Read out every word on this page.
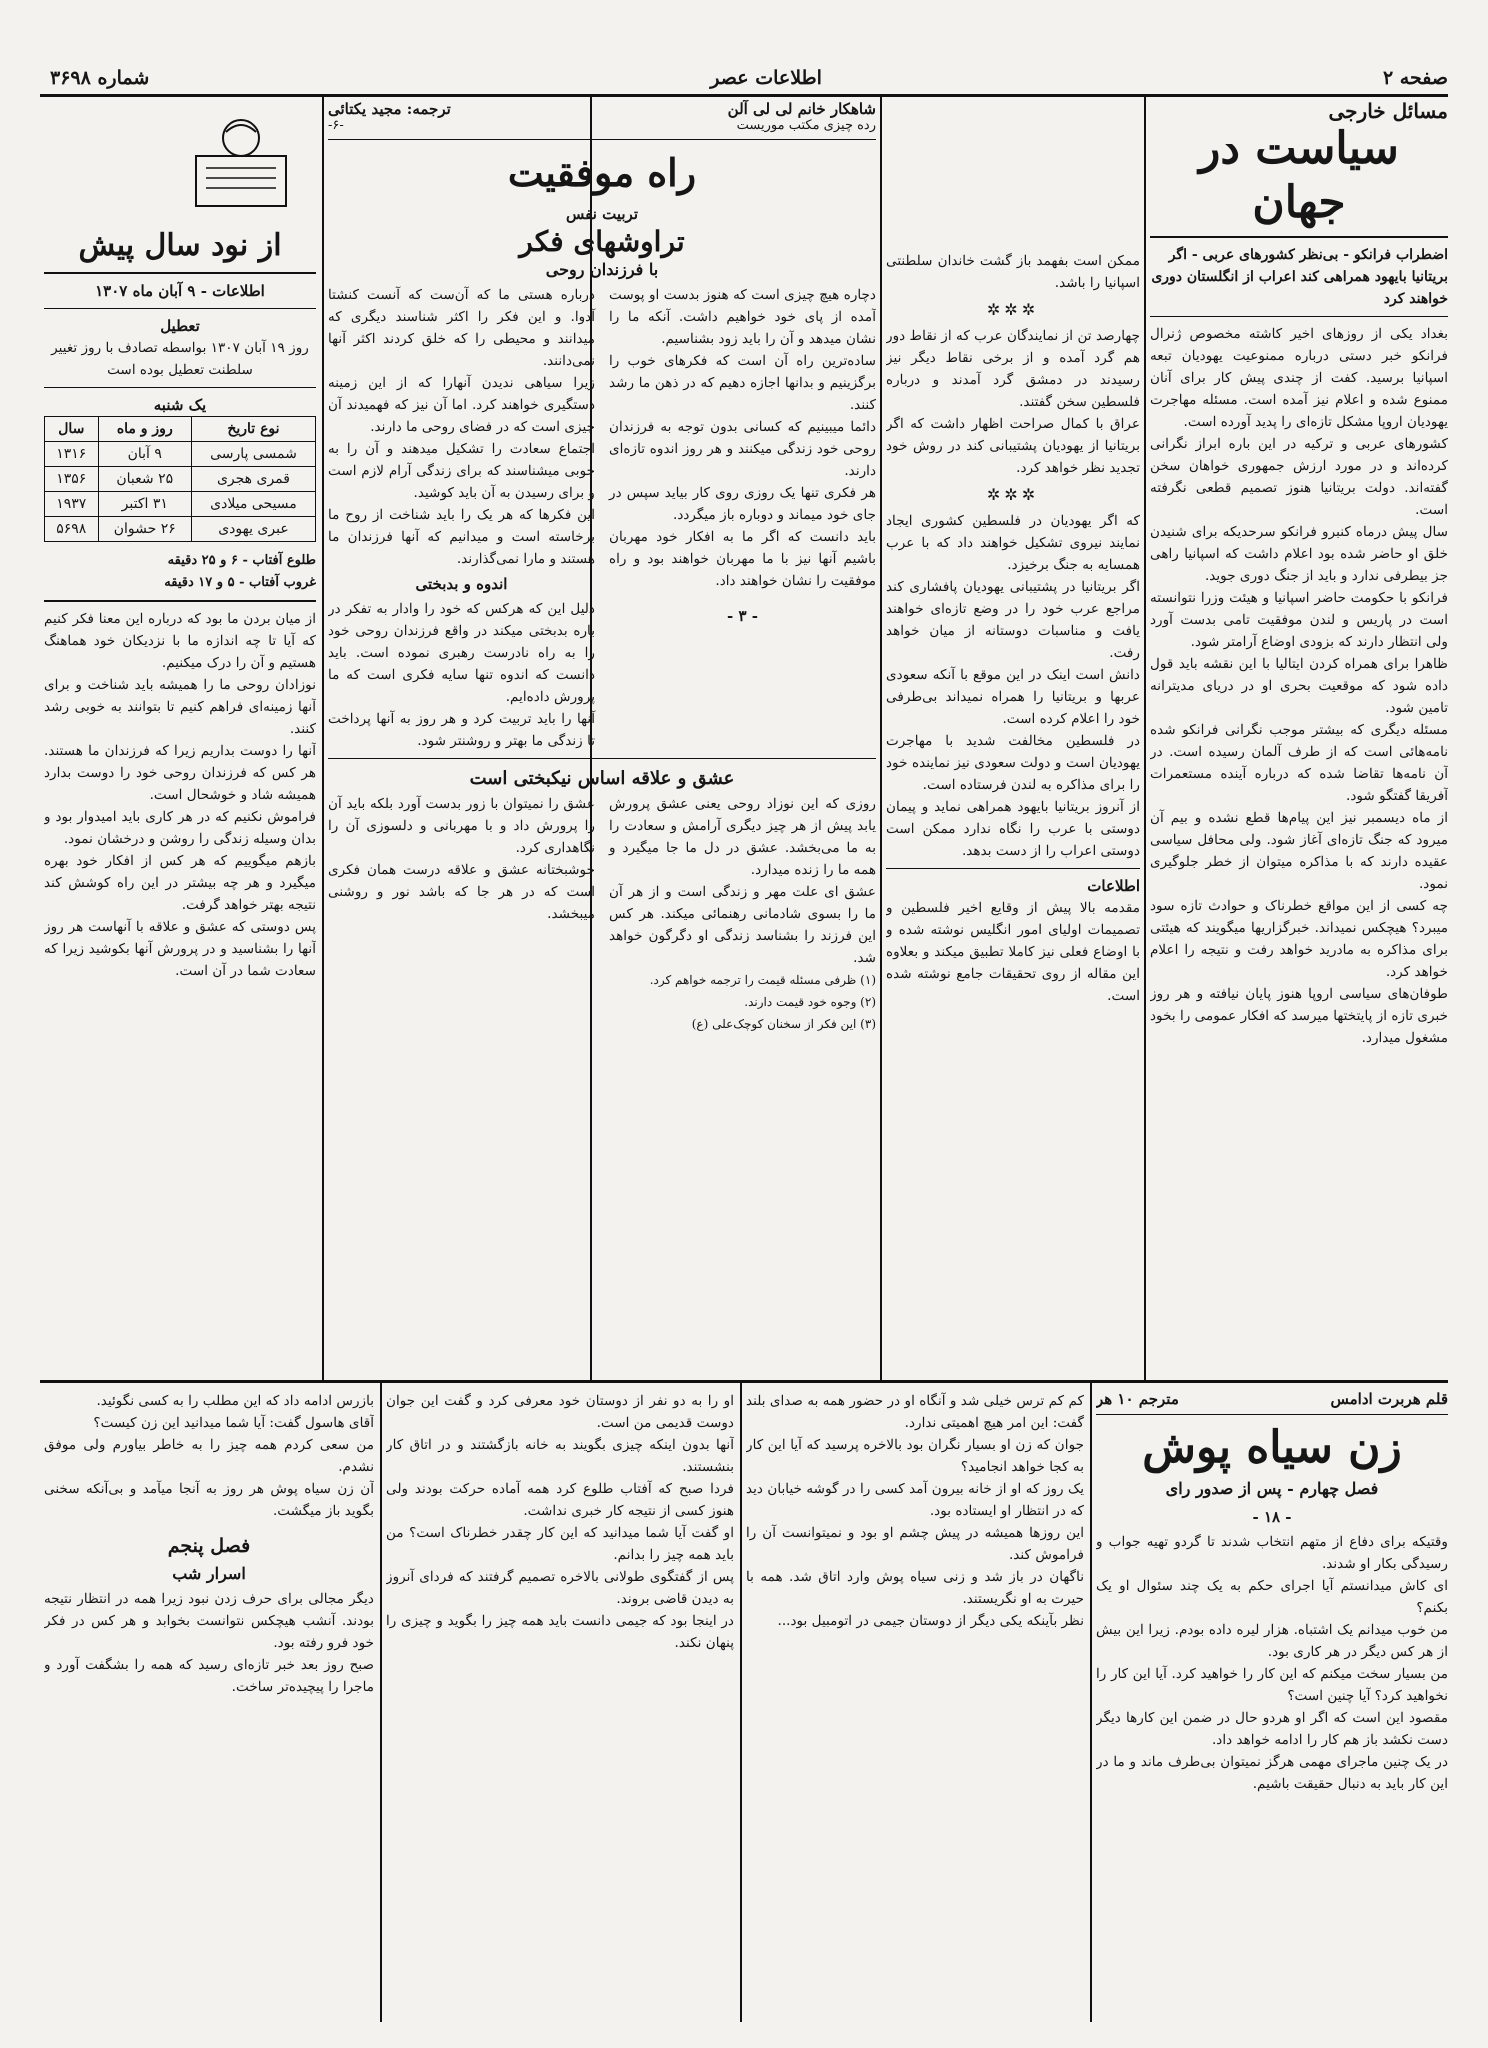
صفحه ۲
اطلاعات عصر
شماره ۳۶۹۸

مسائل خارجی

سیاست در جهان

اضطراب فرانکو - بی‌نظر کشورهای عربی - اگر بریتانیا بایهود همراهی کند اعراب از انگلستان دوری خواهند کرد

بغداد یکی از روزهای اخیر کاشته مخصوص ژنرال فرانکو خبر دستی درباره ممنوعیت یهودیان تبعه اسپانیا برسید. کفت از چندی پیش کار برای آنان ممنوع شده و اعلام نیز آمده است. مسئله مهاجرت یهودیان اروپا مشکل تازه‌ای را پدید آورده است.

کشورهای عربی و ترکیه در این باره ابراز نگرانی کرده‌اند و در مورد ارزش جمهوری خواهان سخن گفته‌اند. دولت بریتانیا هنوز تصمیم قطعی نگرفته است.

سال پیش درماه کنبرو فرانکو سرحدیکه برای شنیدن خلق او حاضر شده بود اعلام داشت که اسپانیا راهی جز بیطرفی ندارد و باید از جنگ دوری جوید.

فرانکو با حکومت حاضر اسپانیا و هیئت وزرا نتوانسته است در پاریس و لندن موفقیت تامی بدست آورد ولی انتظار دارند که بزودی اوضاع آرامتر شود.

ظاهرا برای همراه کردن ایتالیا با این نقشه باید قول داده شود که موقعیت بحری او در دریای مدیترانه تامین شود.

مسئله دیگری که بیشتر موجب نگرانی فرانکو شده نامه‌هائی است که از طرف آلمان رسیده است. در آن نامه‌ها تقاضا شده که درباره آینده مستعمرات آفریقا گفتگو شود.

از ماه دیسمبر نیز این پیام‌ها قطع نشده و بیم آن میرود که جنگ تازه‌ای آغاز شود. ولی محافل سیاسی عقیده دارند که با مذاکره میتوان از خطر جلوگیری نمود.

چه کسی از این مواقع خطرناک و حوادث تازه سود میبرد؟ هیچکس نمیداند. خبرگزاریها میگویند که هیئتی برای مذاکره به مادرید خواهد رفت و نتیجه را اعلام خواهد کرد.

طوفان‌های سیاسی اروپا هنوز پایان نیافته و هر روز خبری تازه از پایتختها میرسد که افکار عمومی را بخود مشغول میدارد.

ممکن است بفهمد باز گشت خاندان سلطنتی اسپانیا را باشد.

✲✲✲

چهارصد تن از نمایندگان عرب که از نقاط دور هم گرد آمده و از برخی نقاط دیگر نیز رسیدند در دمشق گرد آمدند و درباره فلسطین سخن گفتند.

عراق با کمال صراحت اظهار داشت که اگر بریتانیا از یهودیان پشتیبانی کند در روش خود تجدید نظر خواهد کرد.

✲✲✲

که اگر یهودیان در فلسطین کشوری ایجاد نمایند نیروی تشکیل خواهند داد که با عرب همسایه به جنگ برخیزد.

اگر بریتانیا در پشتیبانی یهودیان پافشاری کند مراجع عرب خود را در وضع تازه‌ای خواهند یافت و مناسبات دوستانه از میان خواهد رفت.

دانش است اینک در این موقع با آنکه سعودی عربها و بریتانیا را همراه نمیداند بی‌طرفی خود را اعلام کرده است.

در فلسطین مخالفت شدید با مهاجرت یهودیان است و دولت سعودی نیز نماینده خود را برای مذاکره به لندن فرستاده است.

از آنروز بریتانیا بایهود همراهی نماید و پیمان دوستی با عرب را نگاه ندارد ممکن است دوستی اعراب را از دست بدهد.

اطلاعات

مقدمه بالا پیش از وقایع اخیر فلسطین و تصمیمات اولیای امور انگلیس نوشته شده و با اوضاع فعلی نیز کاملا تطبیق میکند و بعلاوه این مقاله از روی تحقیقات جامع نوشته شده است.

شاهکار خانم لی لی آلن
ترجمه: مجید یکتائی
رده چیزی مکتب موریست
-۶-

راه موفقیت

تربیت نفس

تراوشهای فکر

با فرزندان روحی

دچاره هیچ چیزی است که هنوز بدست او پوست آمده از پای خود خواهیم داشت. آنکه ما را نشان میدهد و آن را باید زود بشناسیم.

ساده‌ترین راه آن است که فکرهای خوب را برگزینیم و بدانها اجازه دهیم که در ذهن ما رشد کنند.

دائما میبینیم که کسانی بدون توجه به فرزندان روحی خود زندگی میکنند و هر روز اندوه تازه‌ای دارند.

هر فکری تنها یک روزی روی کار بیاید سپس در جای خود میماند و دوباره باز میگردد.

باید دانست که اگر ما به افکار خود مهربان باشیم آنها نیز با ما مهربان خواهند بود و راه موفقیت را نشان خواهند داد.

- ۳ -

درباره هستی ما که آن‌ست که آنست کنشتا آدوا. و این فکر را اکثر شناسند دیگری که میدانند و محیطی را که خلق کردند اکثر آنها نمی‌دانند.

زیرا سیاهی ندیدن آنهارا که از این زمینه دستگیری خواهند کرد. اما آن نیز که فهمیدند آن چیزی است که در فضای روحی ما دارند.

اجتماع سعادت را تشکیل میدهند و آن را به خوبی میشناسند که برای زندگی آرام لازم است و برای رسیدن به آن باید کوشید.

این فکرها که هر یک را باید شناخت از روح ما برخاسته است و میدانیم که آنها فرزندان ما هستند و مارا نمی‌گذارند.

اندوه و بدبختی

دلیل این که هرکس که خود را وادار به تفکر در باره بدبختی میکند در واقع فرزندان روحی خود را به راه نادرست رهبری نموده است. باید دانست که اندوه تنها سایه فکری است که ما پرورش داده‌ایم.

آنها را باید تربیت کرد و هر روز به آنها پرداخت تا زندگی ما بهتر و روشنتر شود.

عشق و علاقه اساس نیکبختی است

روزی که این نوزاد روحی یعنی عشق پرورش یابد پیش از هر چیز دیگری آرامش و سعادت را به ما می‌بخشد. عشق در دل ما جا میگیرد و همه ما را زنده میدارد.

عشق ای علت مهر و زندگی است و از هر آن ما را بسوی شادمانی رهنمائی میکند. هر کس این فرزند را بشناسد زندگی او دگرگون خواهد شد.

(۱) ظرفی مسئله قیمت را ترجمه خواهم کرد.

(۲) وجوه خود قیمت دارند.

(۳) این فکر از سخنان کوچک‌علی (ع)

عشق را نمیتوان با زور بدست آورد بلکه باید آن را پرورش داد و با مهربانی و دلسوزی آن را نگاهداری کرد.

خوشبختانه عشق و علاقه درست همان فکری است که در هر جا که باشد نور و روشنی میبخشد.

از نود سال پیش

اطلاعات - ۹ آبان ماه ۱۳۰۷

تعطیل

روز ۱۹ آبان ۱۳۰۷ بواسطه تصادف با روز تغییر سلطنت تعطیل بوده است

یک شنبه

نوع تاریخ	روز و ماه	سال
شمسی پارسی	۹ آبان	۱۳۱۶
قمری هجری	۲۵ شعبان	۱۳۵۶
مسیحی میلادی	۳۱ اکتبر	۱۹۳۷
عبری یهودی	۲۶ حشوان	۵۶۹۸

طلوع آفتاب - ۶ و ۲۵ دقیقه

غروب آفتاب - ۵ و ۱۷ دقیقه

از میان بردن ما بود که درباره این معنا فکر کنیم که آیا تا چه اندازه ما با نزدیکان خود هماهنگ هستیم و آن را درک میکنیم.

نوزادان روحی ما را همیشه باید شناخت و برای آنها زمینه‌ای فراهم کنیم تا بتوانند به خوبی رشد کنند.

آنها را دوست بداریم زیرا که فرزندان ما هستند. هر کس که فرزندان روحی خود را دوست بدارد همیشه شاد و خوشحال است.

فراموش نکنیم که در هر کاری باید امیدوار بود و بدان وسیله زندگی را روشن و درخشان نمود.

بازهم میگوییم که هر کس از افکار خود بهره میگیرد و هر چه بیشتر در این راه کوشش کند نتیجه بهتر خواهد گرفت.

پس دوستی که عشق و علاقه با آنهاست هر روز آنها را بشناسید و در پرورش آنها بکوشید زیرا که سعادت شما در آن است.

قلم هربرت ادامس
مترجم ۱۰ هر

زن سیاه پوش

فصل چهارم - پس از صدور رای

- ۱۸ -

وقتیکه برای دفاع از متهم انتخاب شدند تا گردو تهیه جواب و رسیدگی بکار او شدند.

ای کاش میدانستم آیا اجرای حکم به یک چند سئوال او یک بکنم؟

من خوب میدانم یک اشتباه. هزار لیره داده بودم. زیرا این بیش از هر کس دیگر در هر کاری بود.

من بسیار سخت میکنم که این کار را خواهید کرد. آیا این کار را نخواهید کرد؟ آیا چنین است؟

مقصود این است که اگر او هردو حال در ضمن این کارها دیگر دست نکشد باز هم کار را ادامه خواهد داد.

در یک چنین ماجرای مهمی هرگز نمیتوان بی‌طرف ماند و ما در این کار باید به دنبال حقیقت باشیم.

کم کم ترس خیلی شد و آنگاه او در حضور همه به صدای بلند گفت: این امر هیچ اهمیتی ندارد.

جوان که زن او بسیار نگران بود بالاخره پرسید که آیا این کار به کجا خواهد انجامید؟

یک روز که او از خانه بیرون آمد کسی را در گوشه خیابان دید که در انتظار او ایستاده بود.

این روزها همیشه در پیش چشم او بود و نمیتوانست آن را فراموش کند.

ناگهان در باز شد و زنی سیاه پوش وارد اتاق شد. همه با حیرت به او نگریستند.

نظر بآینکه یکی دیگر از دوستان جیمی در اتومبیل بود...

او را به دو نفر از دوستان خود معرفی کرد و گفت این جوان دوست قدیمی من است.

آنها بدون اینکه چیزی بگویند به خانه بازگشتند و در اتاق کار بنشستند.

فردا صبح که آفتاب طلوع کرد همه آماده حرکت بودند ولی هنوز کسی از نتیجه کار خبری نداشت.

او گفت آیا شما میدانید که این کار چقدر خطرناک است؟ من باید همه چیز را بدانم.

پس از گفتگوی طولانی بالاخره تصمیم گرفتند که فردای آنروز به دیدن قاضی بروند.

در اینجا بود که جیمی دانست باید همه چیز را بگوید و چیزی را پنهان نکند.

بازرس ادامه داد که این مطلب را به کسی نگوئید.

آقای هاسول گفت: آیا شما میدانید این زن کیست؟

من سعی کردم همه چیز را به خاطر بیاورم ولی موفق نشدم.

آن زن سیاه پوش هر روز به آنجا میآمد و بی‌آنکه سخنی بگوید باز میگشت.

فصل پنجم

اسرار شب

دیگر مجالی برای حرف زدن نبود زیرا همه در انتظار نتیجه بودند. آنشب هیچکس نتوانست بخوابد و هر کس در فکر خود فرو رفته بود.

صبح روز بعد خبر تازه‌ای رسید که همه را بشگفت آورد و ماجرا را پیچیده‌تر ساخت.
